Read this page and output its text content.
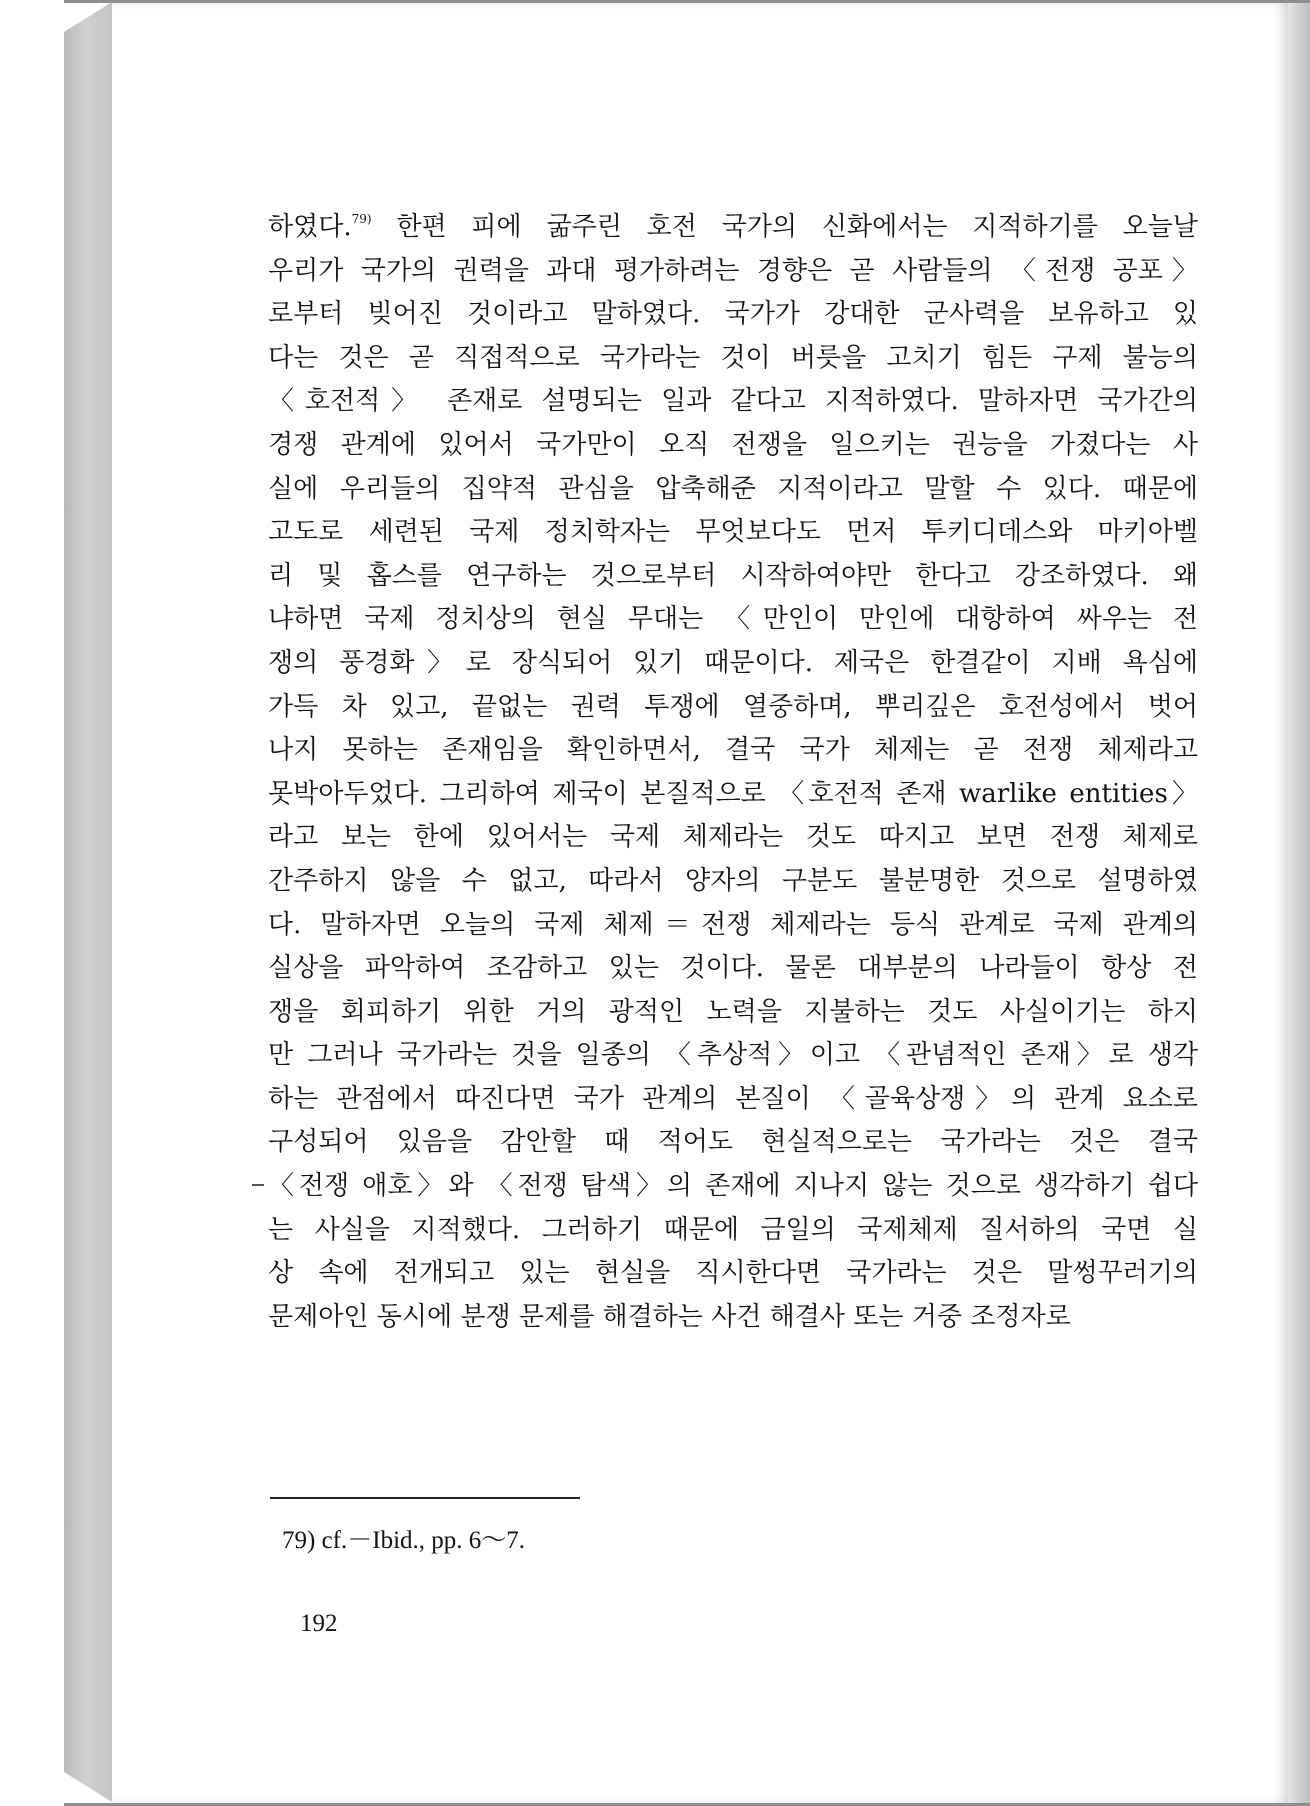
하였다.$^{79)}$ 한편 피에 굶주린 호전 국가의 신화에서는 지적하기를 오늘날
우리가 국가의 권력을 과대 평가하려는 경향은 곧 사람들의 〈전쟁 공포〉
로부터 빚어진 것이라고 말하였다. 국가가 강대한 군사력을 보유하고 있
다는 것은 곧 직접적으로 국가라는 것이 버릇을 고치기 힘든 구제 불능의
〈호전적〉 존재로 설명되는 일과 같다고 지적하였다. 말하자면 국가간의
경쟁 관계에 있어서 국가만이 오직 전쟁을 일으키는 권능을 가졌다는 사
실에 우리들의 집약적 관심을 압축해준 지적이라고 말할 수 있다. 때문에
고도로 세련된 국제 정치학자는 무엇보다도 먼저 투키디데스와 마키아벨
리 및 홉스를 연구하는 것으로부터 시작하여야만 한다고 강조하였다. 왜
냐하면 국제 정치상의 현실 무대는 〈만인이 만인에 대항하여 싸우는 전
쟁의 풍경화〉로 장식되어 있기 때문이다. 제국은 한결같이 지배 욕심에
가득 차 있고, 끝없는 권력 투쟁에 열중하며, 뿌리깊은 호전성에서 벗어
나지 못하는 존재임을 확인하면서, 결국 국가 체제는 곧 전쟁 체제라고
못박아두었다. 그리하여 제국이 본질적으로 〈호전적 존재 warlike entities〉
라고 보는 한에 있어서는 국제 체제라는 것도 따지고 보면 전쟁 체제로
간주하지 않을 수 없고, 따라서 양자의 구분도 불분명한 것으로 설명하였
다. 말하자면 오늘의 국제 체제＝전쟁 체제라는 등식 관계로 국제 관계의
실상을 파악하여 조감하고 있는 것이다. 물론 대부분의 나라들이 항상 전
쟁을 회피하기 위한 거의 광적인 노력을 지불하는 것도 사실이기는 하지
만 그러나 국가라는 것을 일종의 〈추상적〉이고 〈관념적인 존재〉로 생각
하는 관점에서 따진다면 국가 관계의 본질이 〈골육상쟁〉의 관계 요소로
구성되어 있음을 감안할 때 적어도 현실적으로는 국가라는 것은 결국
〈전쟁 애호〉와 〈전쟁 탐색〉의 존재에 지나지 않는 것으로 생각하기 쉽다
는 사실을 지적했다. 그러하기 때문에 금일의 국제체제 질서하의 국면 실
상 속에 전개되고 있는 현실을 직시한다면 국가라는 것은 말썽꾸러기의
문제아인 동시에 분쟁 문제를 해결하는 사건 해결사 또는 거중 조정자로
79) cf.－Ibid., pp. 6～7.
192
